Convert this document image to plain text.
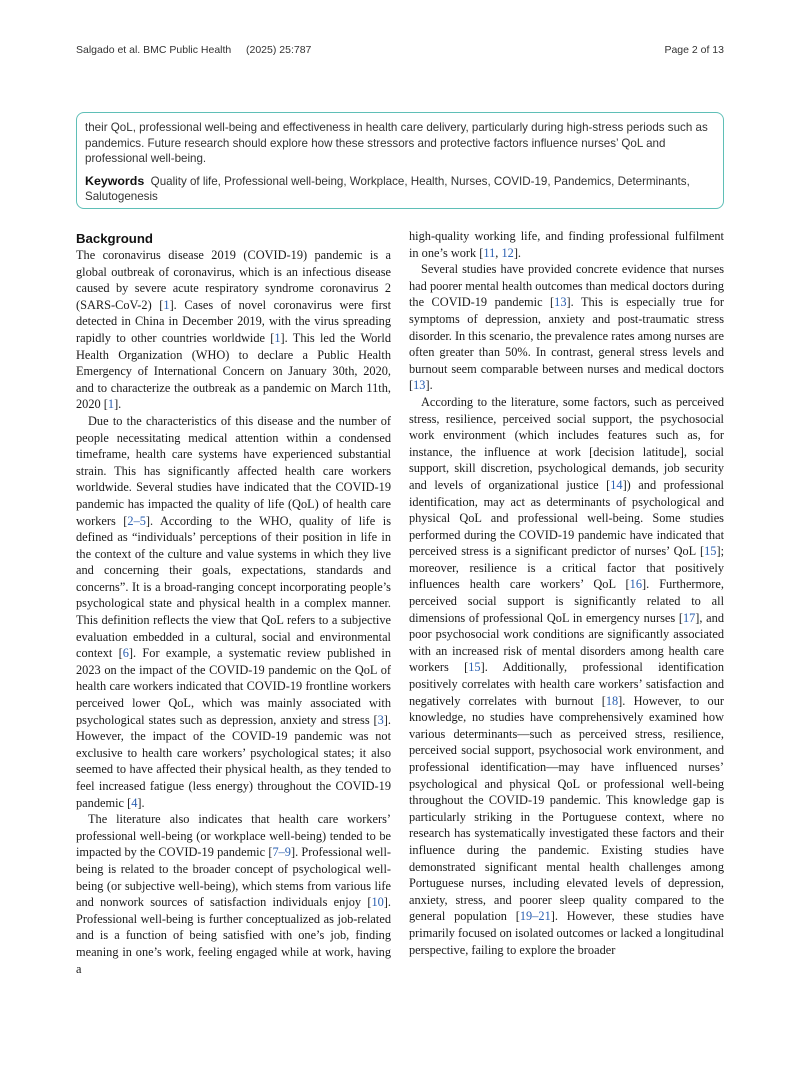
Salgado et al. BMC Public Health (2025) 25:787	Page 2 of 13

their QoL, professional well-being and effectiveness in health care delivery, particularly during high-stress periods such as pandemics. Future research should explore how these stressors and protective factors influence nurses’ QoL and professional well-being.

Keywords Quality of life, Professional well-being, Workplace, Health, Nurses, COVID-19, Pandemics, Determinants, Salutogenesis

Background

The coronavirus disease 2019 (COVID-19) pandemic is a global outbreak of coronavirus, which is an infectious disease caused by severe acute respiratory syndrome coronavirus 2 (SARS-CoV-2) [1]. Cases of novel coronavirus were first detected in China in December 2019, with the virus spreading rapidly to other countries worldwide [1]. This led the World Health Organization (WHO) to declare a Public Health Emergency of International Concern on January 30th, 2020, and to characterize the outbreak as a pandemic on March 11th, 2020 [1].

Due to the characteristics of this disease and the number of people necessitating medical attention within a condensed timeframe, health care systems have experienced substantial strain. This has significantly affected health care workers worldwide. Several studies have indicated that the COVID-19 pandemic has impacted the quality of life (QoL) of health care workers [2–5]. According to the WHO, quality of life is defined as “individuals’ perceptions of their position in life in the context of the culture and value systems in which they live and concerning their goals, expectations, standards and concerns”. It is a broad-ranging concept incorporating people’s psychological state and physical health in a complex manner. This definition reflects the view that QoL refers to a subjective evaluation embedded in a cultural, social and environmental context [6]. For example, a systematic review published in 2023 on the impact of the COVID-19 pandemic on the QoL of health care workers indicated that COVID-19 frontline workers perceived lower QoL, which was mainly associated with psychological states such as depression, anxiety and stress [3]. However, the impact of the COVID-19 pandemic was not exclusive to health care workers’ psychological states; it also seemed to have affected their physical health, as they tended to feel increased fatigue (less energy) throughout the COVID-19 pandemic [4].

The literature also indicates that health care workers’ professional well-being (or workplace well-being) tended to be impacted by the COVID-19 pandemic [7–9]. Professional well-being is related to the broader concept of psychological well-being (or subjective well-being), which stems from various life and nonwork sources of satisfaction individuals enjoy [10]. Professional well-being is further conceptualized as job-related and is a function of being satisfied with one’s job, finding meaning in one’s work, feeling engaged while at work, having a

high-quality working life, and finding professional fulfilment in one’s work [11, 12].

Several studies have provided concrete evidence that nurses had poorer mental health outcomes than medical doctors during the COVID-19 pandemic [13]. This is especially true for symptoms of depression, anxiety and post-traumatic stress disorder. In this scenario, the prevalence rates among nurses are often greater than 50%. In contrast, general stress levels and burnout seem comparable between nurses and medical doctors [13].

According to the literature, some factors, such as perceived stress, resilience, perceived social support, the psychosocial work environment (which includes features such as, for instance, the influence at work [decision latitude], social support, skill discretion, psychological demands, job security and levels of organizational justice [14]) and professional identification, may act as determinants of psychological and physical QoL and professional well-being. Some studies performed during the COVID-19 pandemic have indicated that perceived stress is a significant predictor of nurses’ QoL [15]; moreover, resilience is a critical factor that positively influences health care workers’ QoL [16]. Furthermore, perceived social support is significantly related to all dimensions of professional QoL in emergency nurses [17], and poor psychosocial work conditions are significantly associated with an increased risk of mental disorders among health care workers [15]. Additionally, professional identification positively correlates with health care workers’ satisfaction and negatively correlates with burnout [18]. However, to our knowledge, no studies have comprehensively examined how various determinants—such as perceived stress, resilience, perceived social support, psychosocial work environment, and professional identification—may have influenced nurses’ psychological and physical QoL or professional well-being throughout the COVID-19 pandemic. This knowledge gap is particularly striking in the Portuguese context, where no research has systematically investigated these factors and their influence during the pandemic. Existing studies have demonstrated significant mental health challenges among Portuguese nurses, including elevated levels of depression, anxiety, stress, and poorer sleep quality compared to the general population [19–21]. However, these studies have primarily focused on isolated outcomes or lacked a longitudinal perspective, failing to explore the broader
